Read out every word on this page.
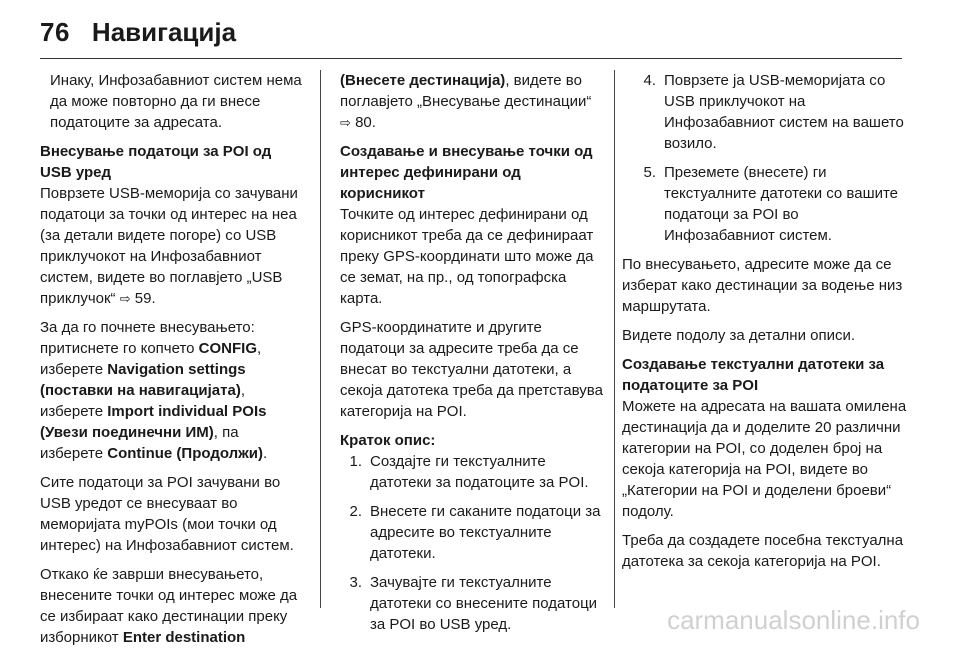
76 Навигација

Инаку, Инфозабавниот систем нема да може повторно да ги внесе податоците за адресата.

Внесување податоци за POI од USB уред

Поврзете USB-меморија со зачувани податоци за точки од интерес на неа (за детали видете погоре) со USB приклучокот на Инфозабавниот систем, видете во поглавјето „USB приклучок“ ⇨ 59.

За да го почнете внесувањето: притиснете го копчето CONFIG, изберете Navigation settings (поставки на навигацијата), изберете Import individual POIs (Увези поединечни ИМ), па изберете Continue (Продолжи).

Сите податоци за POI зачувани во USB уредот се внесуваат во меморијата myPOIs (мои точки од интерес) на Инфозабавниот систем.

Откако ќе заврши внесувањето, внесените точки од интерес може да се избираат како дестинации преку изборникот Enter destination

(Внесете дестинација), видете во поглавјето „Внесување дестинации“ ⇨ 80.

Создавање и внесување точки од интерес дефинирани од корисникот

Точките од интерес дефинирани од корисникот треба да се дефинираат преку GPS-координати што може да се земат, на пр., од топографска карта.

GPS-координатите и другите податоци за адресите треба да се внесат во текстуални датотеки, а секоја датотека треба да претставува категорија на POI.

Краток опис:

1. Создајте ги текстуалните датотеки за податоците за POI.
2. Внесете ги саканите податоци за адресите во текстуалните датотеки.
3. Зачувајте ги текстуалните датотеки со внесените податоци за POI во USB уред.
4. Поврзете ја USB-меморијата со USB приклучокот на Инфозабавниот систем на вашето возило.
5. Преземете (внесете) ги текстуалните датотеки со вашите податоци за POI во Инфозабавниот систем.

По внесувањето, адресите може да се изберат како дестинации за водење низ маршрутата.

Видете подолу за детални описи.

Создавање текстуални датотеки за податоците за POI

Можете на адресата на вашата омилена дестинација да и доделите 20 различни категории на POI, со доделен број на секоја категорија на POI, видете во „Категории на POI и доделени броеви“ подолу.

Треба да создадете посебна текстуална датотека за секоја категорија на POI.

carmanualsonline.info
